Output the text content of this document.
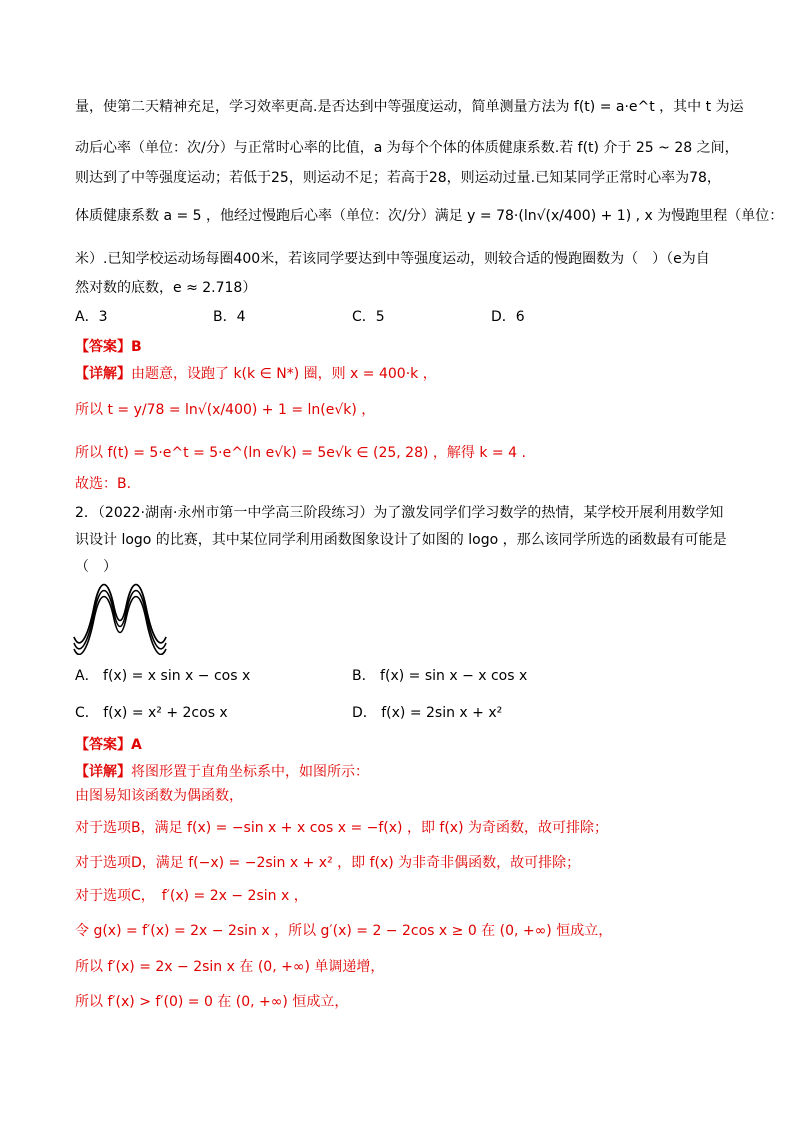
量，使第二天精神充足，学习效率更高.是否达到中等强度运动，简单测量方法为 f(t) = a·e^t ，其中 t 为运
动后心率（单位：次/分）与正常时心率的比值，a 为每个个体的体质健康系数.若 f(t) 介于 25 ~ 28 之间，
则达到了中等强度运动；若低于25，则运动不足；若高于28，则运动过量.已知某同学正常时心率为78，
体质健康系数 a = 5 ，他经过慢跑后心率（单位：次/分）满足 y = 78·(ln√(x/400) + 1) , x 为慢跑里程（单位：
米）.已知学校运动场每圈400米，若该同学要达到中等强度运动，则较合适的慢跑圈数为（　）（e为自
然对数的底数，e ≈ 2.718）
A．3	B．4	C．5	D．6
【答案】B
【详解】由题意，设跑了 k(k ∈ N*) 圈，则 x = 400·k ，
所以 t = y/78 = ln√(x/400) + 1 = ln(e√k) ，
所以 f(t) = 5·e^t = 5·e^(ln e√k) = 5e√k ∈ (25, 28) ，解得 k = 4 .
故选：B.
2．（2022·湖南·永州市第一中学高三阶段练习）为了激发同学们学习数学的热情，某学校开展利用数学知
识设计 logo 的比赛，其中某位同学利用函数图象设计了如图的 logo ，那么该同学所选的函数最有可能是
（　）
A． f(x) = x sin x − cos x	B． f(x) = sin x − x cos x
C． f(x) = x² + 2cos x	D． f(x) = 2sin x + x²
【答案】A
【详解】将图形置于直角坐标系中，如图所示：
由图易知该函数为偶函数，
对于选项B，满足 f(x) = −sin x + x cos x = −f(x) ，即 f(x) 为奇函数，故可排除；
对于选项D，满足 f(−x) = −2sin x + x² ，即 f(x) 为非奇非偶函数，故可排除；
对于选项C，　f′(x) = 2x − 2sin x ，
令 g(x) = f′(x) = 2x − 2sin x ，所以 g′(x) = 2 − 2cos x ≥ 0 在 (0, +∞) 恒成立，
所以 f′(x) = 2x − 2sin x 在 (0, +∞) 单调递增，
所以 f′(x) > f′(0) = 0 在 (0, +∞) 恒成立，
